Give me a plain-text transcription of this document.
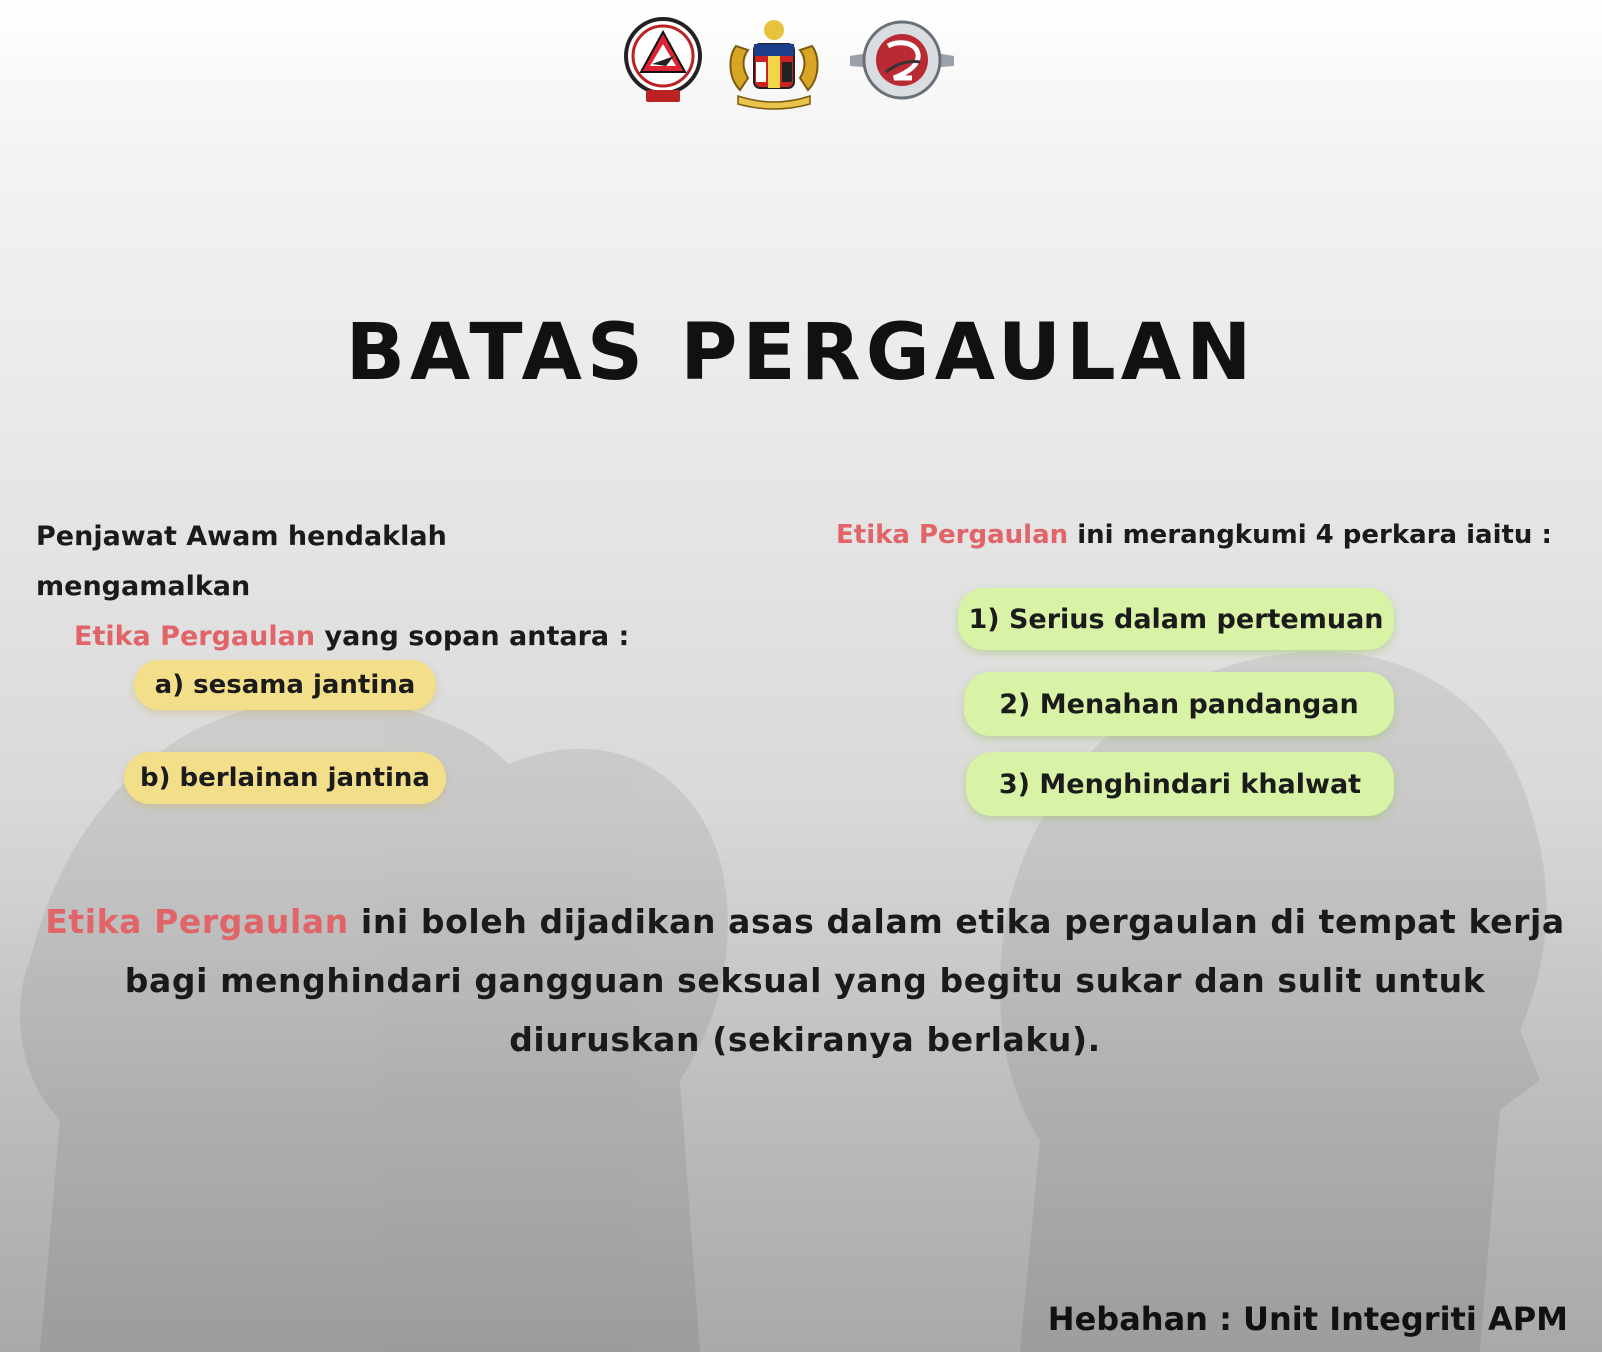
BATAS PERGAULAN
Penjawat Awam hendaklah mengamalkan
Etika Pergaulan yang sopan antara :
a) sesama jantina
b) berlainan jantina
Etika Pergaulan ini merangkumi 4 perkara iaitu :
1) Serius dalam pertemuan
2) Menahan pandangan
3) Menghindari khalwat
Etika Pergaulan ini boleh dijadikan asas dalam etika pergaulan di tempat kerja bagi menghindari gangguan seksual yang begitu sukar dan sulit untuk diuruskan (sekiranya berlaku).
Hebahan : Unit Integriti APM
